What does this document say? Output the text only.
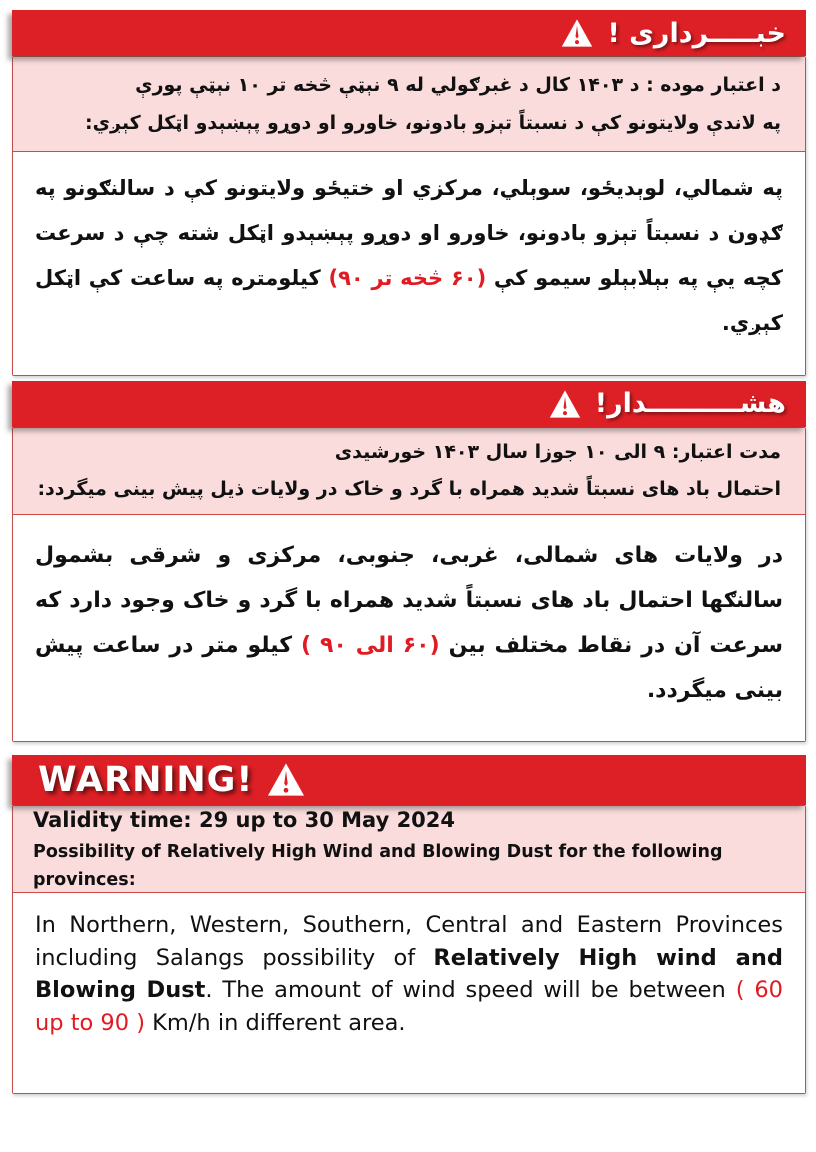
خبـــــرداری !
د اعتبار موده : د ۱۴۰۳ کال د غبرګولي له ۹ نېټې څخه تر ۱۰ نېټې پورې
په لاندې ولایتونو کې د نسبتاً تېزو بادونو، خاورو او دوړو پېښېدو اټکل کېږي:
په شمالي، لوېدیځو، سوېلي، مرکزي او ختیځو ولایتونو کې د سالنګونو په ګډون د نسبتاً تېزو بادونو، خاورو او دوړو پېښېدو اټکل شته چې د سرعت کچه یې په بېلابېلو سیمو کې (۶۰ څخه تر ۹۰) کیلومتره په ساعت کې اټکل کېږي.
هشــــــــــدار!
مدت اعتبار: ۹ الی ۱۰ جوزا سال ۱۴۰۳ خورشیدی
احتمال باد های نسبتاً شدید همراه با گرد و خاک در ولایات ذیل پیش بینی میگردد:
در ولایات های شمالی، غربی، جنوبی، مرکزی و شرقی بشمول سالنګها احتمال باد های نسبتاً شدید همراه با گرد و خاک وجود دارد که سرعت آن در نقاط مختلف بین (۶۰ الی ۹۰ ) کیلو متر در ساعت پیش بینی میگردد.
WARNING!
Validity time: 29 up to 30 May 2024
Possibility of Relatively High Wind and Blowing Dust for the following provinces:
In Northern, Western, Southern, Central and Eastern Provinces including Salangs possibility of Relatively High wind and Blowing Dust. The amount of wind speed will be between ( 60 up to 90 ) Km/h in different area.
